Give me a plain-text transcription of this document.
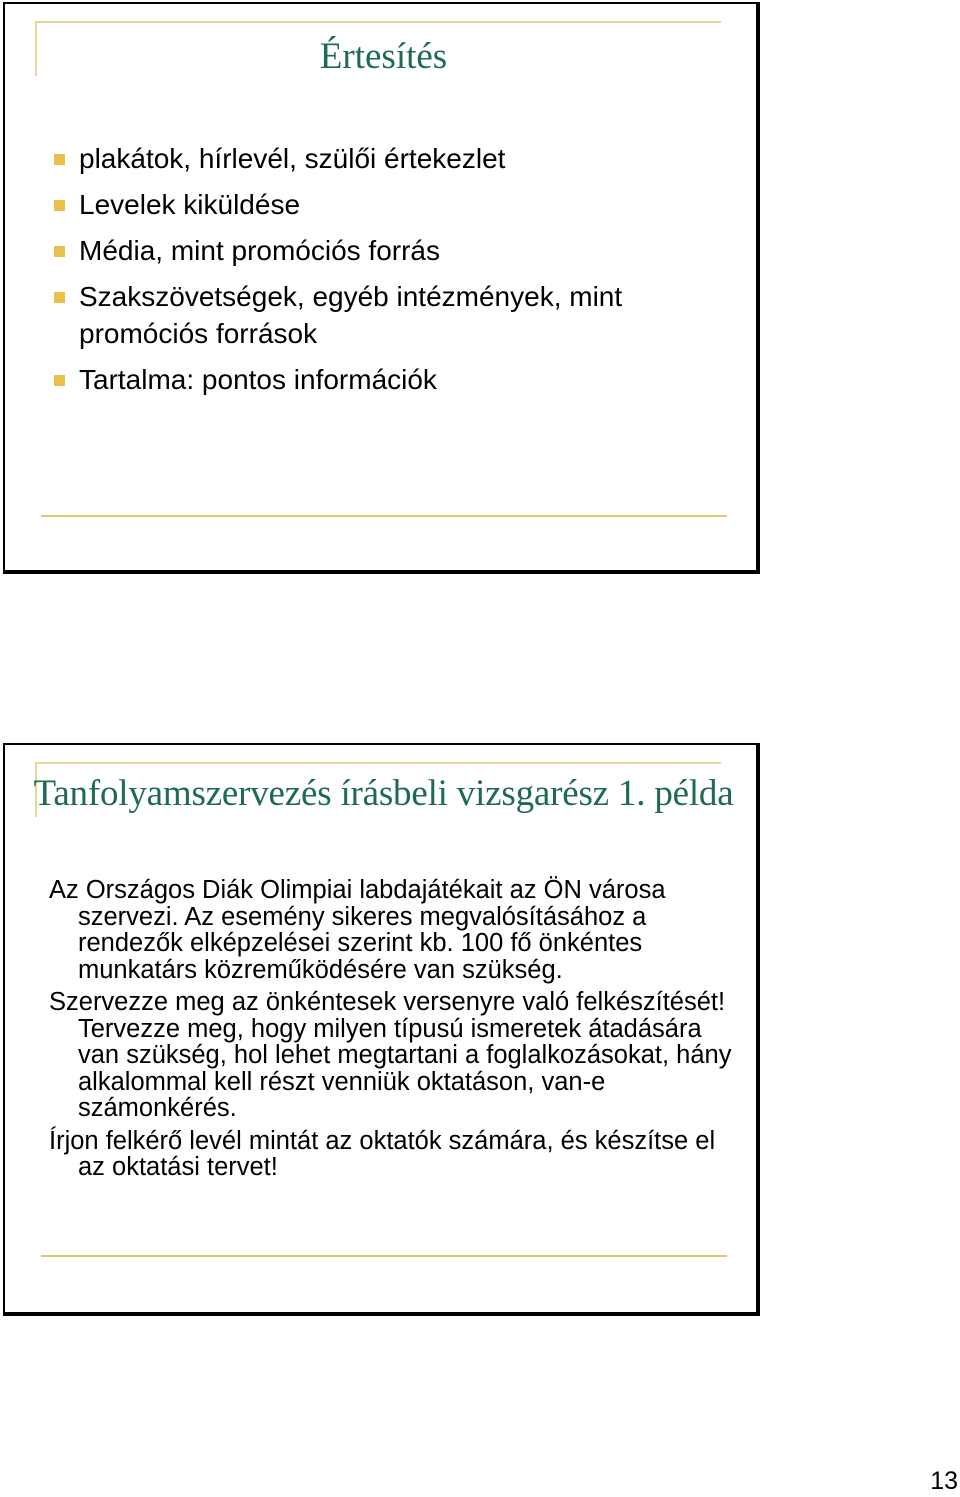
Értesítés
plakátok, hírlevél, szülői értekezlet
Levelek kiküldése
Média, mint promóciós forrás
Szakszövetségek, egyéb intézmények, mint promóciós források
Tartalma: pontos információk
Tanfolyamszervezés írásbeli vizsgarész 1. példa

Az Országos Diák Olimpiai labdajátékait az ÖN városa szervezi. Az esemény sikeres megvalósításához a rendezők elképzelései szerint kb. 100 fő önkéntes munkatárs közreműködésére van szükség.

Szervezze meg az önkéntesek versenyre való felkészítését! Tervezze meg, hogy milyen típusú ismeretek átadására van szükség, hol lehet megtartani a foglalkozásokat, hány alkalommal kell részt venniük oktatáson, van-e számonkérés.

Írjon felkérő levél mintát az oktatók számára, és készítse el az oktatási tervet!

13
